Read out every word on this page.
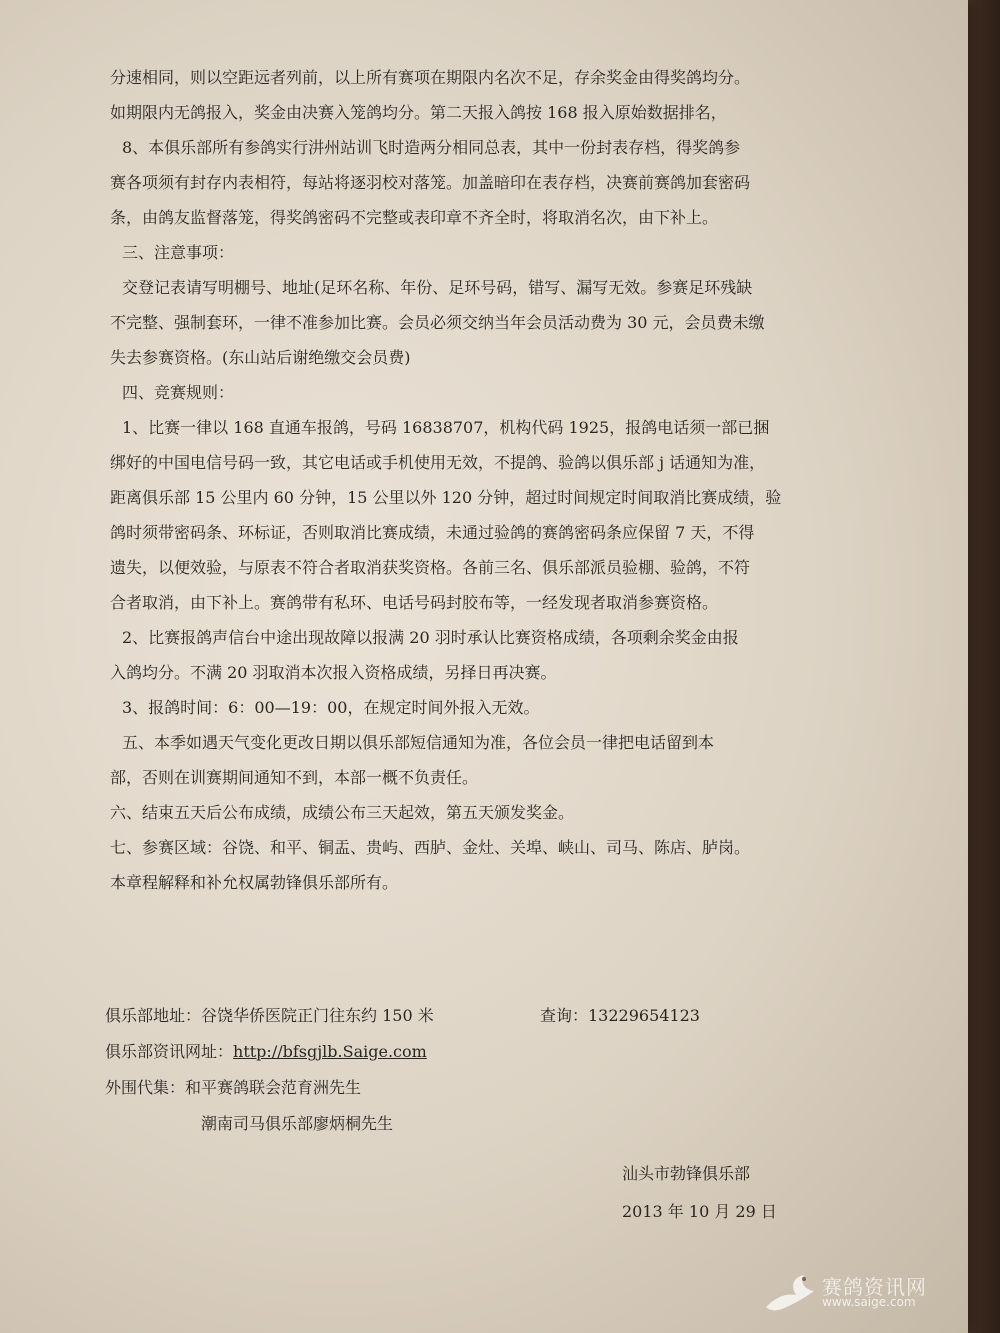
分速相同，则以空距远者列前，以上所有赛项在期限内名次不足，存余奖金由得奖鸽均分。
如期限内无鸽报入，奖金由决赛入笼鸽均分。第二天报入鸽按 168 报入原始数据排名，
8、本俱乐部所有参鸽实行汫州站训飞时造两分相同总表，其中一份封表存档，得奖鸽参
赛各项须有封存内表相符，每站将逐羽校对落笼。加盖暗印在表存档，决赛前赛鸽加套密码
条，由鸽友监督落笼，得奖鸽密码不完整或表印章不齐全时，将取消名次，由下补上。
三、注意事项：
交登记表请写明棚号、地址(足环名称、年份、足环号码，错写、漏写无效。参赛足环残缺
不完整、强制套环，一律不准参加比赛。会员必须交纳当年会员活动费为 30 元，会员费未缴
失去参赛资格。(东山站后谢绝缴交会员费)
四、竞赛规则：
1、比赛一律以 168 直通车报鸽，号码 16838707，机构代码 1925，报鸽电话须一部已捆
绑好的中国电信号码一致，其它电话或手机使用无效，不提鸽、验鸽以俱乐部 j 话通知为准，
距离俱乐部 15 公里内 60 分钟，15 公里以外 120 分钟，超过时间规定时间取消比赛成绩，验
鸽时须带密码条、环标证，否则取消比赛成绩，未通过验鸽的赛鸽密码条应保留 7 天，不得
遗失，以便效验，与原表不符合者取消获奖资格。各前三名、俱乐部派员验棚、验鸽，不符
合者取消，由下补上。赛鸽带有私环、电话号码封胶布等，一经发现者取消参赛资格。
2、比赛报鸽声信台中途出现故障以报满 20 羽时承认比赛资格成绩，各项剩余奖金由报
入鸽均分。不满 20 羽取消本次报入资格成绩，另择日再决赛。
3、报鸽时间：6：00—19：00，在规定时间外报入无效。
五、本季如遇天气变化更改日期以俱乐部短信通知为准，各位会员一律把电话留到本
部，否则在训赛期间通知不到，本部一概不负责任。
六、结束五天后公布成绩，成绩公布三天起效，第五天颁发奖金。
七、参赛区域：谷饶、和平、铜盂、贵屿、西胪、金灶、关埠、峡山、司马、陈店、胪岗。
本章程解释和补允权属勃锋俱乐部所有。
俱乐部地址：谷饶华侨医院正门往东约 150 米	查询：13229654123
俱乐部资讯网址：http://bfsgjlb.Saige.com
外围代集：和平赛鸽联会范育洲先生
潮南司马俱乐部廖炳桐先生
汕头市勃锋俱乐部
2013 年 10 月 29 日
赛鸽资讯网
www.saige.com
